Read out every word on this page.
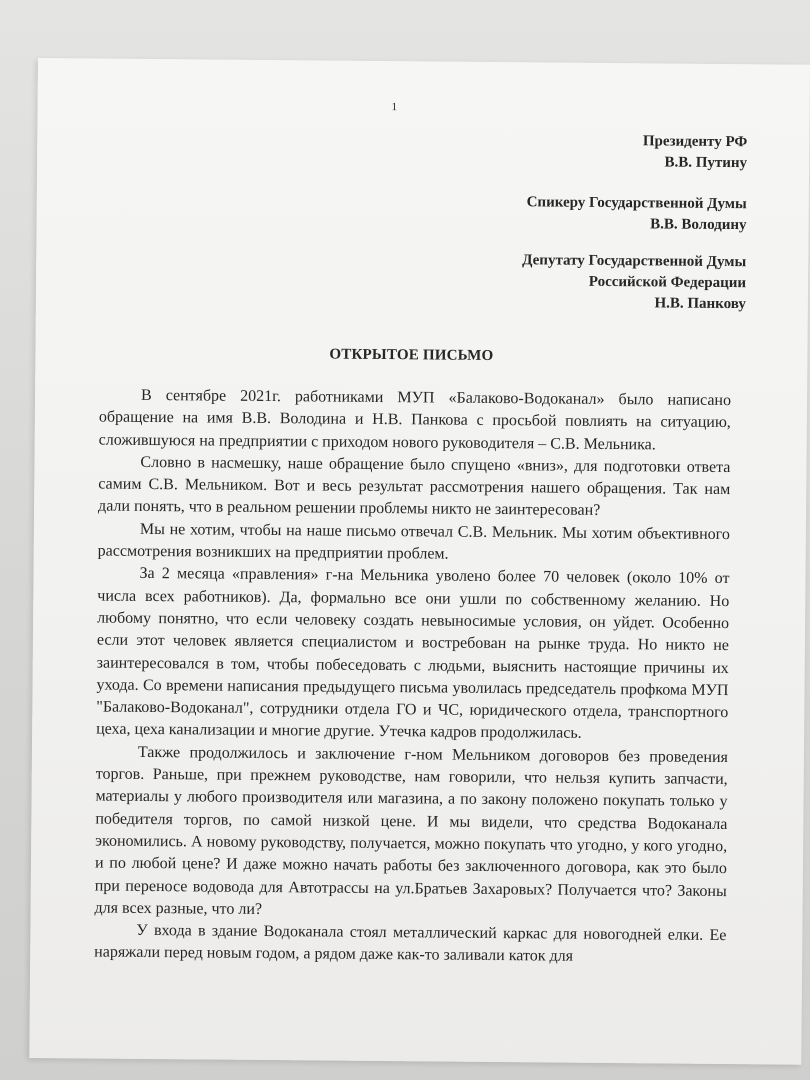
1
Президенту РФ
В.В. Путину
Спикеру Государственной Думы
В.В. Володину
Депутату Государственной Думы
Российской Федерации
Н.В. Панкову
ОТКРЫТОЕ ПИСЬМО

В сентябре 2021г. работниками МУП «Балаково-Водоканал» было написано обращение на имя В.В. Володина и Н.В. Панкова с просьбой повлиять на ситуацию, сложившуюся на предприятии с приходом нового руководителя – С.В. Мельника.

Словно в насмешку, наше обращение было спущено «вниз», для подготовки ответа самим С.В. Мельником. Вот и весь результат рассмотрения нашего обращения. Так нам дали понять, что в реальном решении проблемы никто не заинтересован?

Мы не хотим, чтобы на наше письмо отвечал С.В. Мельник. Мы хотим объективного рассмотрения возникших на предприятии проблем.

За 2 месяца «правления» г-на Мельника уволено более 70 человек (около 10% от числа всех работников). Да, формально все они ушли по собственному желанию. Но любому понятно, что если человеку создать невыносимые условия, он уйдет. Особенно если этот человек является специалистом и востребован на рынке труда. Но никто не заинтересовался в том, чтобы побеседовать с людьми, выяснить настоящие причины их ухода. Со времени написания предыдущего письма уволилась председатель профкома МУП "Балаково-Водоканал", сотрудники отдела ГО и ЧС, юридического отдела, транспортного цеха, цеха канализации и многие другие. Утечка кадров продолжилась.

Также продолжилось и заключение г-ном Мельником договоров без проведения торгов. Раньше, при прежнем руководстве, нам говорили, что нельзя купить запчасти, материалы у любого производителя или магазина, а по закону положено покупать только у победителя торгов, по самой низкой цене. И мы видели, что средства Водоканала экономились. А новому руководству, получается, можно покупать что угодно, у кого угодно, и по любой цене? И даже можно начать работы без заключенного договора, как это было при переносе водовода для Автотрассы на ул.Братьев Захаровых? Получается что? Законы для всех разные, что ли?

У входа в здание Водоканала стоял металлический каркас для новогодней елки. Ее наряжали перед новым годом, а рядом даже как-то заливали каток для
